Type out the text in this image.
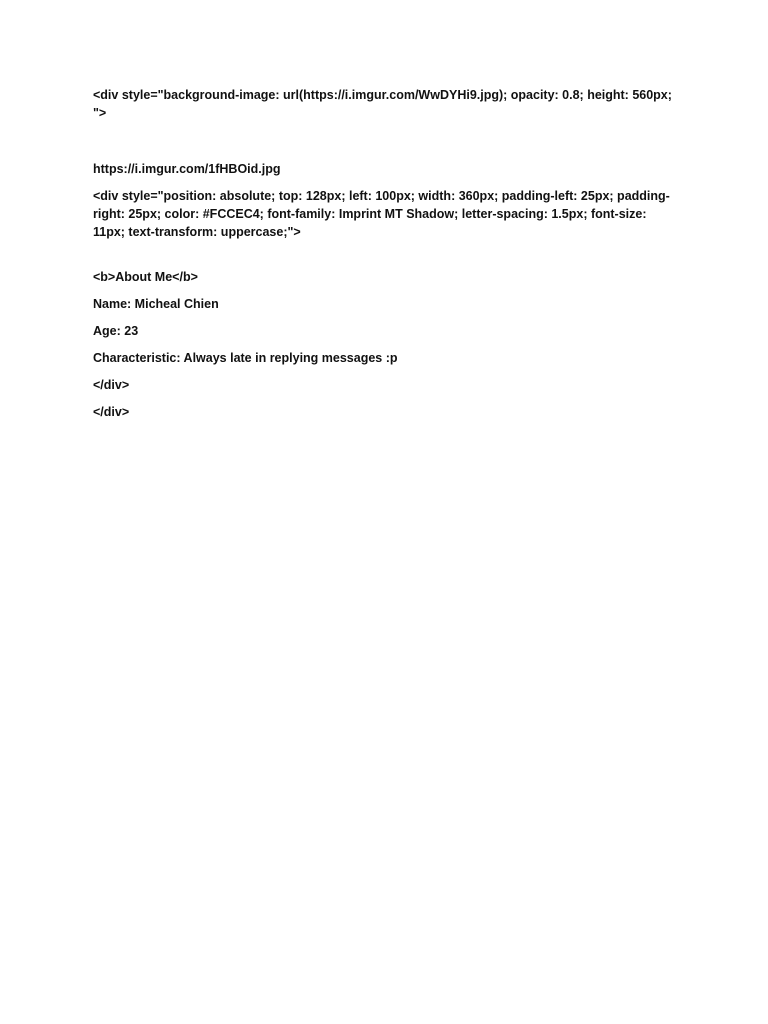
<div style="background-image: url(https://i.imgur.com/WwDYHi9.jpg); opacity: 0.8; height: 560px; ">

https://i.imgur.com/1fHBOid.jpg

<div style="position: absolute; top: 128px; left: 100px; width: 360px; padding-left: 25px; padding-right: 25px; color: #FCCEC4; font-family: Imprint MT Shadow; letter-spacing: 1.5px; font-size: 11px; text-transform: uppercase;">

<b>About Me</b>

Name: Micheal Chien

Age: 23

Characteristic: Always late in replying messages :p

</div>

</div>
